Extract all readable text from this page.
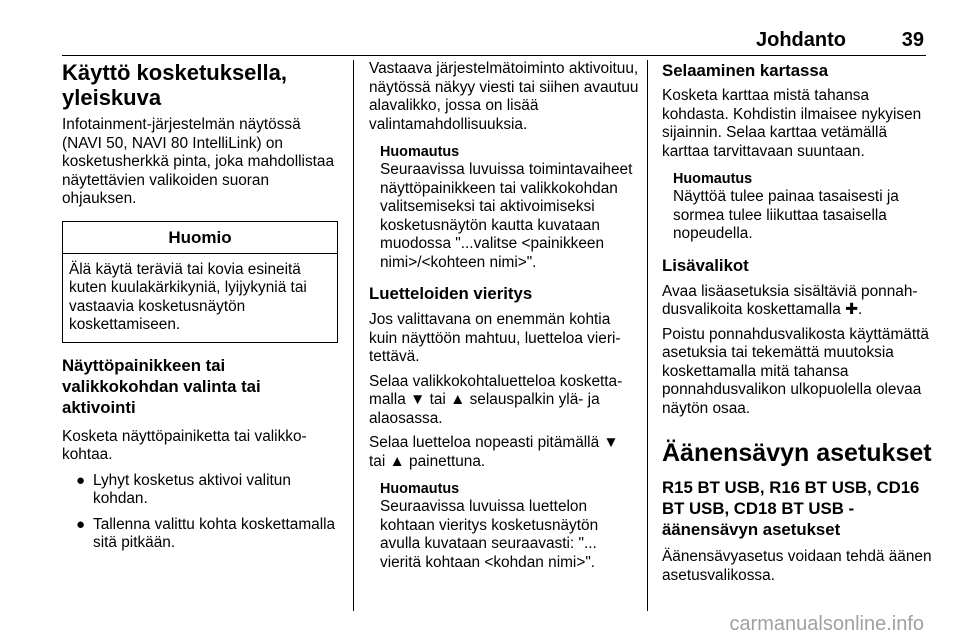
Johdanto	39
Käyttö kosketuksella, yleiskuva

Infotainment-järjestelmän näytössä (NAVI 50, NAVI 80 IntelliLink) on kosketusherkkä pinta, joka mahdollistaa näytettävien valikoiden suoran ohjauksen.

Huomio

Älä käytä teräviä tai kovia esineitä kuten kuulakärkikyniä, lyijykyniä tai vastaavia kosketusnäytön koskettamiseen.

Näyttöpainikkeen tai valikkokohdan valinta tai aktivointi

Kosketa näyttöpainiketta tai valikkokohtaa.

● Lyhyt kosketus aktivoi valitun kohdan.

● Tallenna valittu kohta koskettamalla sitä pitkään.

Vastaava järjestelmätoiminto aktivoituu, näytössä näkyy viesti tai siihen avautuu alavalikko, jossa on lisää valintamahdollisuuksia.

Huomautus

Seuraavissa luvuissa toimintavaiheet näyttöpainikkeen tai valikkokohdan valitsemiseksi tai aktivoimiseksi kosketusnäytön kautta kuvataan muodossa "...valitse <painikkeen nimi>/<kohteen nimi>".

Luetteloiden vieritys

Jos valittavana on enemmän kohtia kuin näyttöön mahtuu, luetteloa vieritettävä.

Selaa valikkokohtaluetteloa koskettamalla ▼ tai ▲ selauspalkin ylä- ja alaosassa.

Selaa luetteloa nopeasti pitämällä ▼ tai ▲ painettuna.

Huomautus

Seuraavissa luvuissa luettelon kohtaan vieritys kosketusnäytön avulla kuvataan seuraavasti: "... vieritä kohtaan <kohdan nimi>".

Selaaminen kartassa

Kosketa karttaa mistä tahansa kohdasta. Kohdistin ilmaisee nykyisen sijainnin. Selaa karttaa vetämällä karttaa tarvittavaan suuntaan.

Huomautus

Näyttöä tulee painaa tasaisesti ja sormea tulee liikuttaa tasaisella nopeudella.

Lisävalikot

Avaa lisäasetuksia sisältäviä ponnahdusvalikoita koskettamalla ✚.

Poistu ponnahdusvalikosta käyttämättä asetuksia tai tekemättä muutoksia koskettamalla mitä tahansa ponnahdusvalikon ulkopuolella olevaa näytön osaa.

Äänensävyn asetukset
R15 BT USB, R16 BT USB, CD16 BT USB, CD18 BT USB - äänensävyn asetukset

Äänensävyasetus voidaan tehdä äänen asetusvalikossa.

carmanualsonline.info
